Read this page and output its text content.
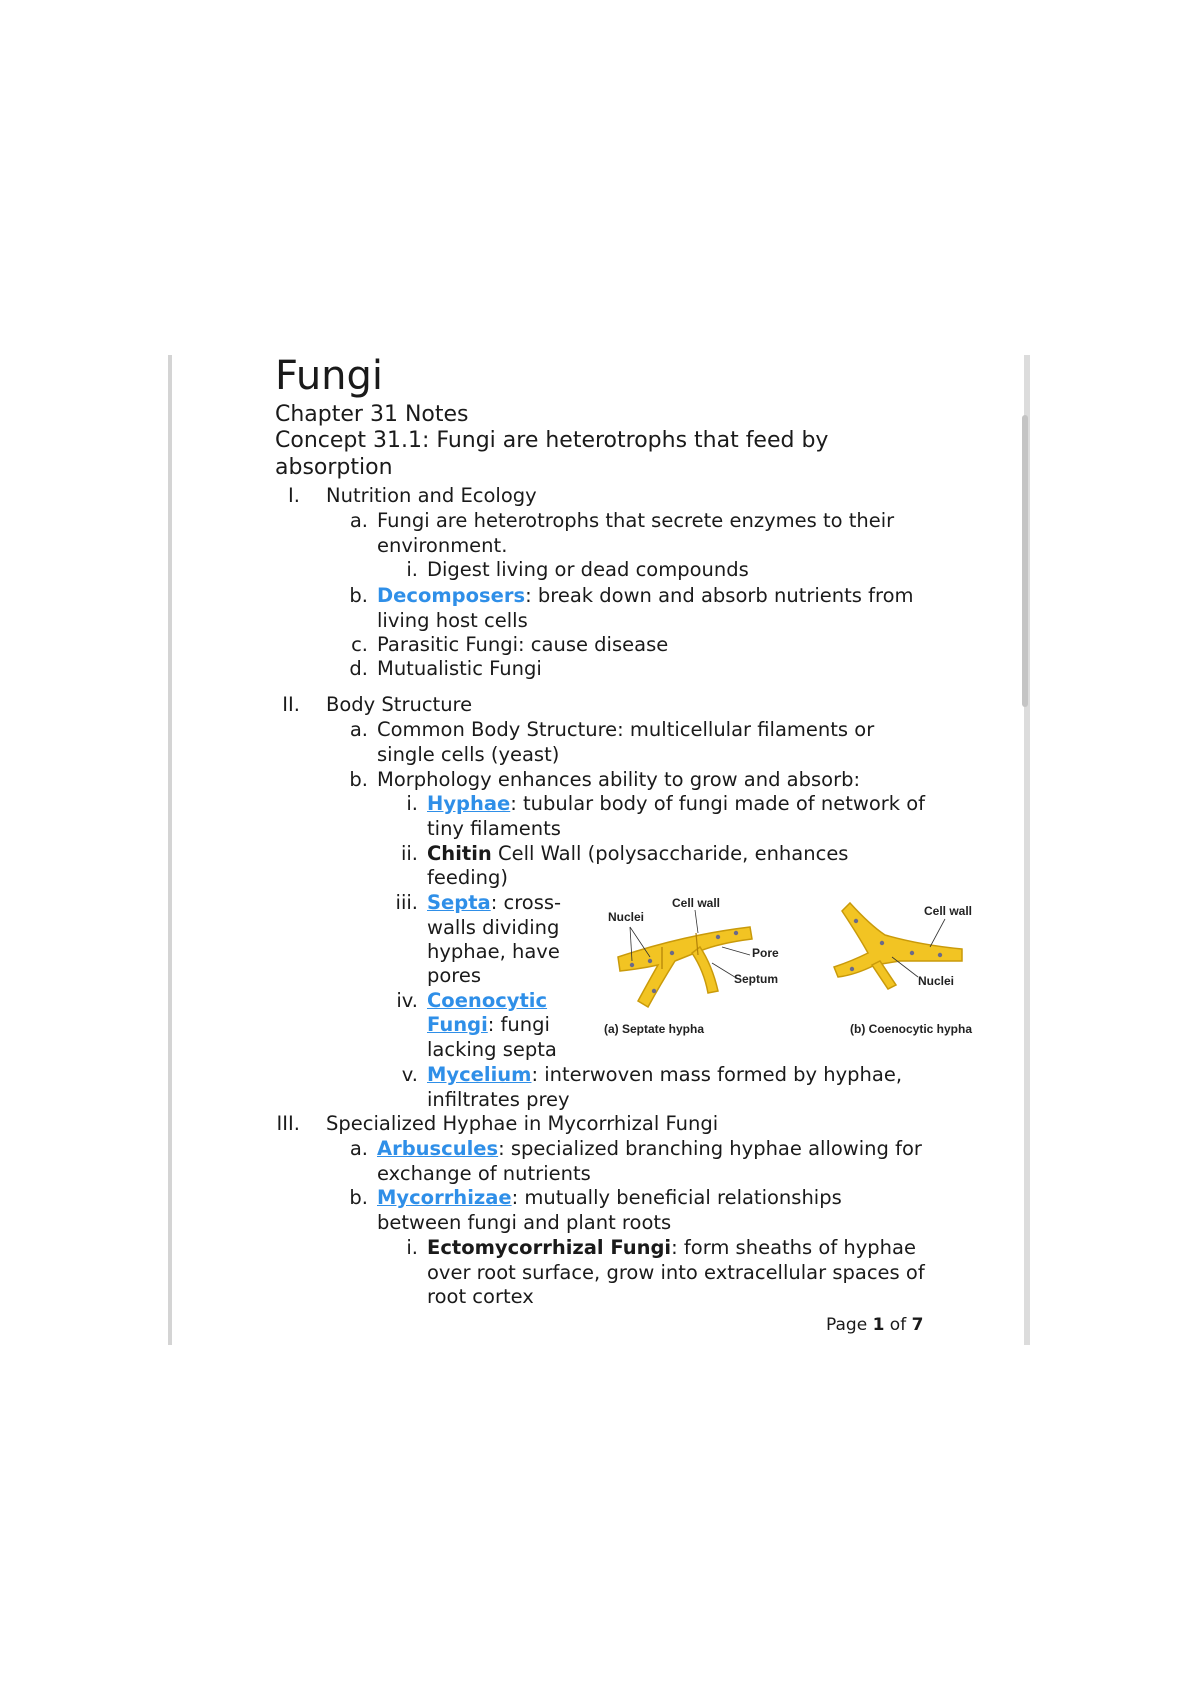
Fungi
Chapter 31 Notes
Concept 31.1: Fungi are heterotrophs that feed by
absorption
I. Nutrition and Ecology
a. Fungi are heterotrophs that secrete enzymes to their
environment.
i. Digest living or dead compounds
b. Decomposers: break down and absorb nutrients from
living host cells
c. Parasitic Fungi: cause disease
d. Mutualistic Fungi
II. Body Structure
a. Common Body Structure: multicellular filaments or
single cells (yeast)
b. Morphology enhances ability to grow and absorb:
i. Hyphae: tubular body of fungi made of network of
tiny filaments
ii. Chitin Cell Wall (polysaccharide, enhances
feeding)
iii. Septa: cross-
walls dividing
hyphae, have
pores
iv. Coenocytic
Fungi: fungi
lacking septa
v. Mycelium: interwoven mass formed by hyphae,
infiltrates prey
III. Specialized Hyphae in Mycorrhizal Fungi
a. Arbuscules: specialized branching hyphae allowing for
exchange of nutrients
b. Mycorrhizae: mutually beneficial relationships
between fungi and plant roots
i. Ectomycorrhizal Fungi: form sheaths of hyphae
over root surface, grow into extracellular spaces of
root cortex
Nuclei
Cell wall
Pore
Septum
(a) Septate hypha
Cell wall
Nuclei
(b) Coenocytic hypha
Page 1 of 7
